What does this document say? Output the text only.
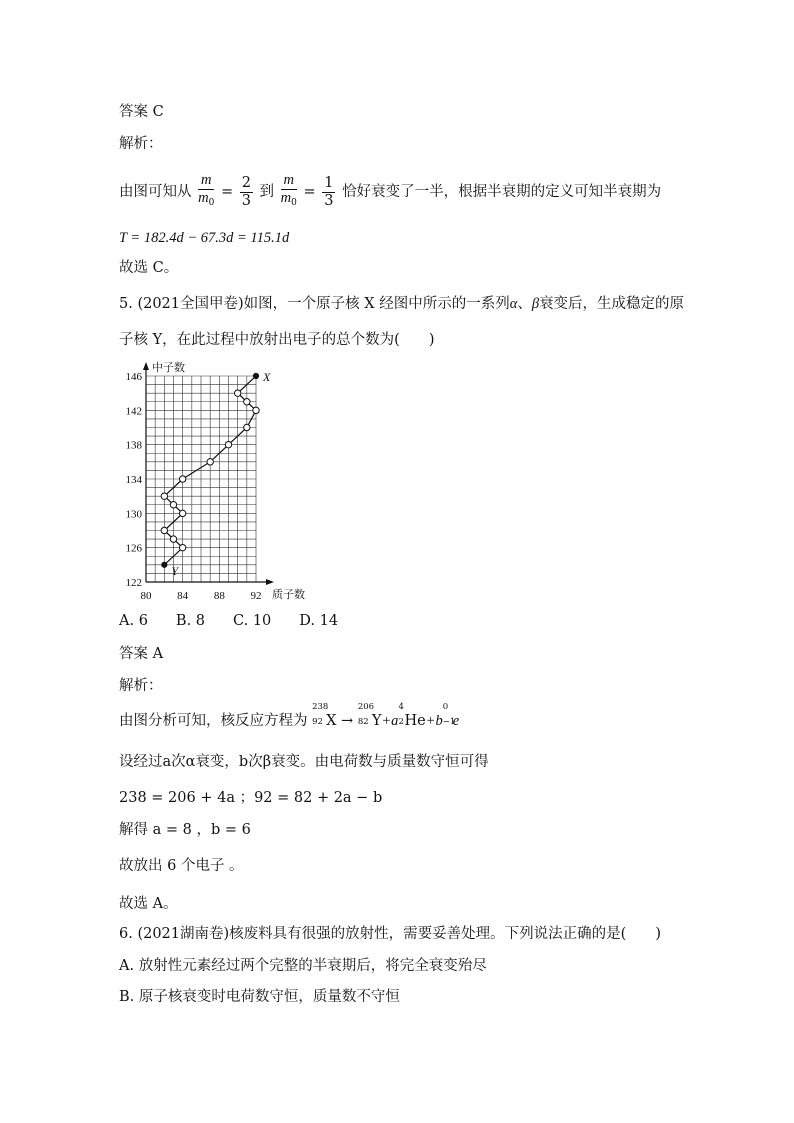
答案 C
解析：
由图可知从 $\frac{m}{m_0} = \frac{2}{3}$ 到 $\frac{m}{m_0} = \frac{1}{3}$ 恰好衰变了一半，根据半衰期的定义可知半衰期为
T = 182.4d − 67.3d = 115.1d
故选 C。
5. (2021全国甲卷)如图，一个原子核 X 经图中所示的一系列α、β衰变后，生成稳定的原
子核 Y，在此过程中放射出电子的总个数为(　　)
80 84 88 92
122
126
130
134
138
142
146	X
Y
中子数
质子数
A. 6 B. 8 C. 10 D. 14
答案 A
解析：
由图分析可知，核反应方程为
238
92 X →
206
82 Y+a
4
2 He+b
0
−1
e
设经过a次α衰变，b次β衰变。由电荷数与质量数守恒可得
238 = 206 + 4a ；92 = 82 + 2a − b
解得 a = 8 ，b = 6
故放出 6 个电子 。
故选 A。
6. (2021湖南卷)核废料具有很强的放射性，需要妥善处理。下列说法正确的是(　　)
A. 放射性元素经过两个完整的半衰期后，将完全衰变殆尽
B. 原子核衰变时电荷数守恒，质量数不守恒
